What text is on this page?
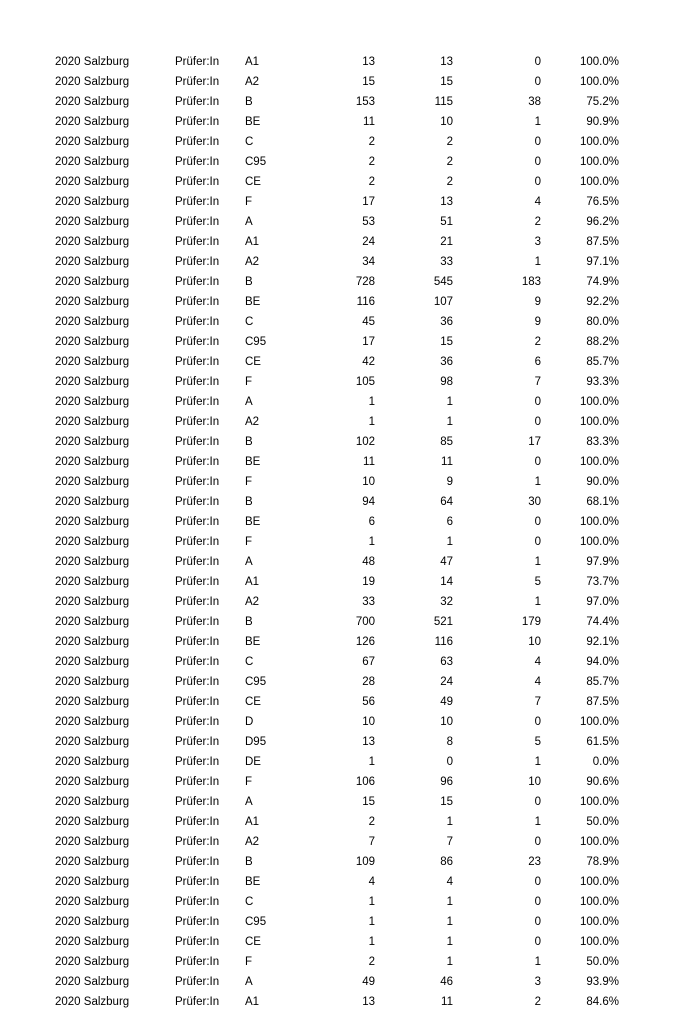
2020 Salzburg	Prüfer:In	A1	13	13	0	100.0%
2020 Salzburg	Prüfer:In	A2	15	15	0	100.0%
2020 Salzburg	Prüfer:In	B	153	115	38	75.2%
2020 Salzburg	Prüfer:In	BE	11	10	1	90.9%
2020 Salzburg	Prüfer:In	C	2	2	0	100.0%
2020 Salzburg	Prüfer:In	C95	2	2	0	100.0%
2020 Salzburg	Prüfer:In	CE	2	2	0	100.0%
2020 Salzburg	Prüfer:In	F	17	13	4	76.5%
2020 Salzburg	Prüfer:In	A	53	51	2	96.2%
2020 Salzburg	Prüfer:In	A1	24	21	3	87.5%
2020 Salzburg	Prüfer:In	A2	34	33	1	97.1%
2020 Salzburg	Prüfer:In	B	728	545	183	74.9%
2020 Salzburg	Prüfer:In	BE	116	107	9	92.2%
2020 Salzburg	Prüfer:In	C	45	36	9	80.0%
2020 Salzburg	Prüfer:In	C95	17	15	2	88.2%
2020 Salzburg	Prüfer:In	CE	42	36	6	85.7%
2020 Salzburg	Prüfer:In	F	105	98	7	93.3%
2020 Salzburg	Prüfer:In	A	1	1	0	100.0%
2020 Salzburg	Prüfer:In	A2	1	1	0	100.0%
2020 Salzburg	Prüfer:In	B	102	85	17	83.3%
2020 Salzburg	Prüfer:In	BE	11	11	0	100.0%
2020 Salzburg	Prüfer:In	F	10	9	1	90.0%
2020 Salzburg	Prüfer:In	B	94	64	30	68.1%
2020 Salzburg	Prüfer:In	BE	6	6	0	100.0%
2020 Salzburg	Prüfer:In	F	1	1	0	100.0%
2020 Salzburg	Prüfer:In	A	48	47	1	97.9%
2020 Salzburg	Prüfer:In	A1	19	14	5	73.7%
2020 Salzburg	Prüfer:In	A2	33	32	1	97.0%
2020 Salzburg	Prüfer:In	B	700	521	179	74.4%
2020 Salzburg	Prüfer:In	BE	126	116	10	92.1%
2020 Salzburg	Prüfer:In	C	67	63	4	94.0%
2020 Salzburg	Prüfer:In	C95	28	24	4	85.7%
2020 Salzburg	Prüfer:In	CE	56	49	7	87.5%
2020 Salzburg	Prüfer:In	D	10	10	0	100.0%
2020 Salzburg	Prüfer:In	D95	13	8	5	61.5%
2020 Salzburg	Prüfer:In	DE	1	0	1	0.0%
2020 Salzburg	Prüfer:In	F	106	96	10	90.6%
2020 Salzburg	Prüfer:In	A	15	15	0	100.0%
2020 Salzburg	Prüfer:In	A1	2	1	1	50.0%
2020 Salzburg	Prüfer:In	A2	7	7	0	100.0%
2020 Salzburg	Prüfer:In	B	109	86	23	78.9%
2020 Salzburg	Prüfer:In	BE	4	4	0	100.0%
2020 Salzburg	Prüfer:In	C	1	1	0	100.0%
2020 Salzburg	Prüfer:In	C95	1	1	0	100.0%
2020 Salzburg	Prüfer:In	CE	1	1	0	100.0%
2020 Salzburg	Prüfer:In	F	2	1	1	50.0%
2020 Salzburg	Prüfer:In	A	49	46	3	93.9%
2020 Salzburg	Prüfer:In	A1	13	11	2	84.6%
